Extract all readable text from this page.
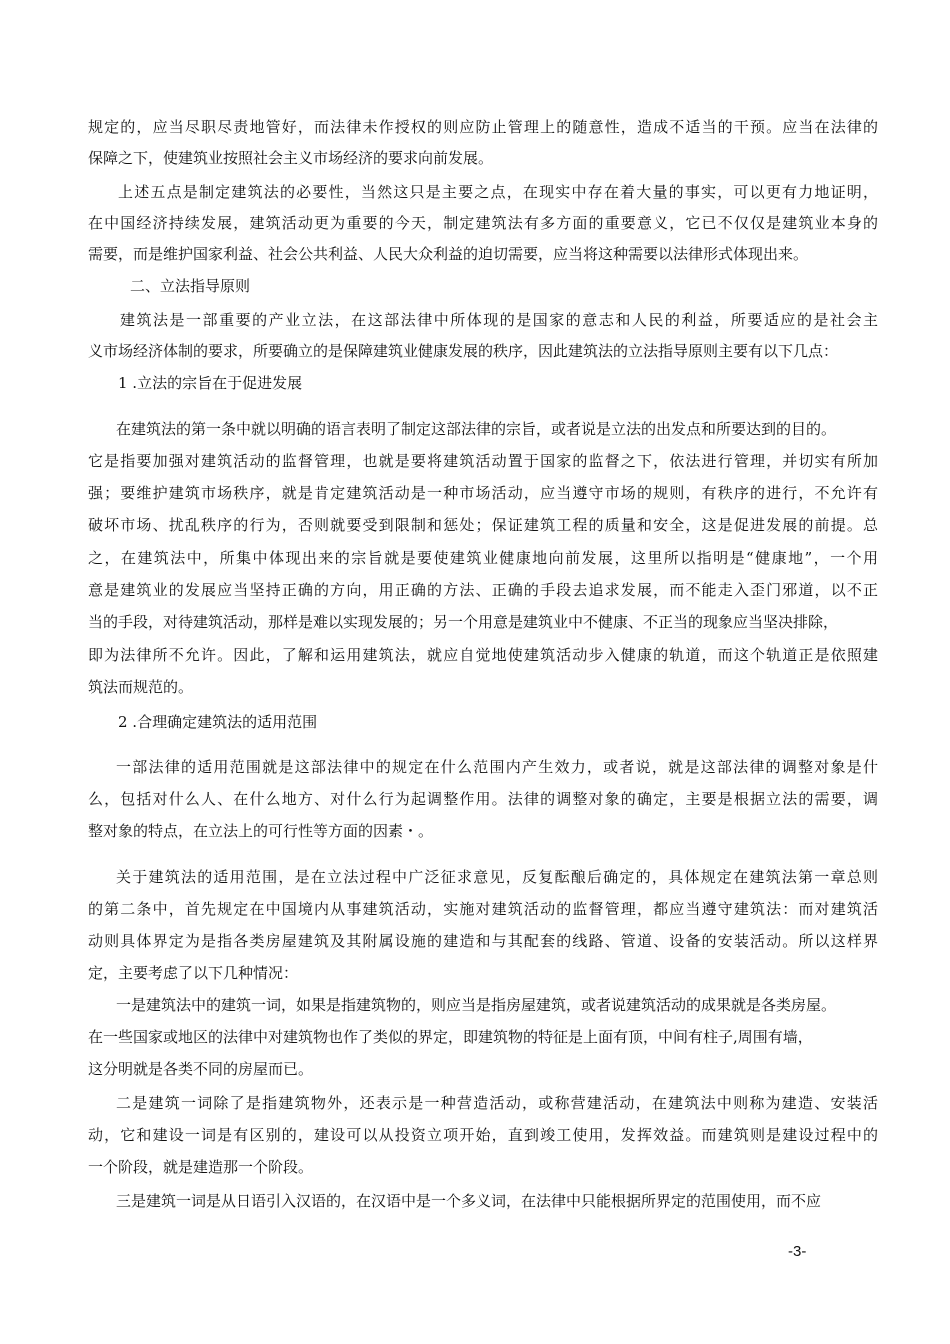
规定的，应当尽职尽责地管好，而法律未作授权的则应防止管理上的随意性，造成不适当的干预。应当在法律的
保障之下，使建筑业按照社会主义市场经济的要求向前发展。
上述五点是制定建筑法的必要性，当然这只是主要之点，在现实中存在着大量的事实，可以更有力地证明，
在中国经济持续发展，建筑活动更为重要的今天，制定建筑法有多方面的重要意义，它已不仅仅是建筑业本身的
需要，而是维护国家利益、社会公共利益、人民大众利益的迫切需要，应当将这种需要以法律形式体现出来。
二、立法指导原则
建筑法是一部重要的产业立法，在这部法律中所体现的是国家的意志和人民的利益，所要适应的是社会主
义市场经济体制的要求，所要确立的是保障建筑业健康发展的秩序，因此建筑法的立法指导原则主要有以下几点：
1 .立法的宗旨在于促进发展
在建筑法的第一条中就以明确的语言表明了制定这部法律的宗旨，或者说是立法的出发点和所要达到的目的。
它是指要加强对建筑活动的监督管理，也就是要将建筑活动置于国家的监督之下，依法进行管理，并切实有所加
强；要维护建筑市场秩序，就是肯定建筑活动是一种市场活动，应当遵守市场的规则，有秩序的进行，不允许有
破坏市场、扰乱秩序的行为，否则就要受到限制和惩处；保证建筑工程的质量和安全，这是促进发展的前提。总
之，在建筑法中，所集中体现出来的宗旨就是要使建筑业健康地向前发展，这里所以指明是“健康地”，一个用
意是建筑业的发展应当坚持正确的方向，用正确的方法、正确的手段去追求发展，而不能走入歪门邪道，以不正
当的手段，对待建筑活动，那样是难以实现发展的；另一个用意是建筑业中不健康、不正当的现象应当坚决排除，
即为法律所不允许。因此，了解和运用建筑法，就应自觉地使建筑活动步入健康的轨道，而这个轨道正是依照建
筑法而规范的。
2 .合理确定建筑法的适用范围
一部法律的适用范围就是这部法律中的规定在什么范围内产生效力，或者说，就是这部法律的调整对象是什
么，包括对什么人、在什么地方、对什么行为起调整作用。法律的调整对象的确定，主要是根据立法的需要，调
整对象的特点，在立法上的可行性等方面的因素・。
关于建筑法的适用范围，是在立法过程中广泛征求意见，反复酝酿后确定的，具体规定在建筑法第一章总则
的第二条中，首先规定在中国境内从事建筑活动，实施对建筑活动的监督管理，都应当遵守建筑法：而对建筑活
动则具体界定为是指各类房屋建筑及其附属设施的建造和与其配套的线路、管道、设备的安装活动。所以这样界
定，主要考虑了以下几种情况：
一是建筑法中的建筑一词，如果是指建筑物的，则应当是指房屋建筑，或者说建筑活动的成果就是各类房屋。
在一些国家或地区的法律中对建筑物也作了类似的界定，即建筑物的特征是上面有顶，中间有柱子,周围有墙，
这分明就是各类不同的房屋而已。
二是建筑一词除了是指建筑物外，还表示是一种营造活动，或称营建活动，在建筑法中则称为建造、安装活
动，它和建设一词是有区别的，建设可以从投资立项开始，直到竣工使用，发挥效益。而建筑则是建设过程中的
一个阶段，就是建造那一个阶段。
三是建筑一词是从日语引入汉语的，在汉语中是一个多义词，在法律中只能根据所界定的范围使用，而不应
-3-
